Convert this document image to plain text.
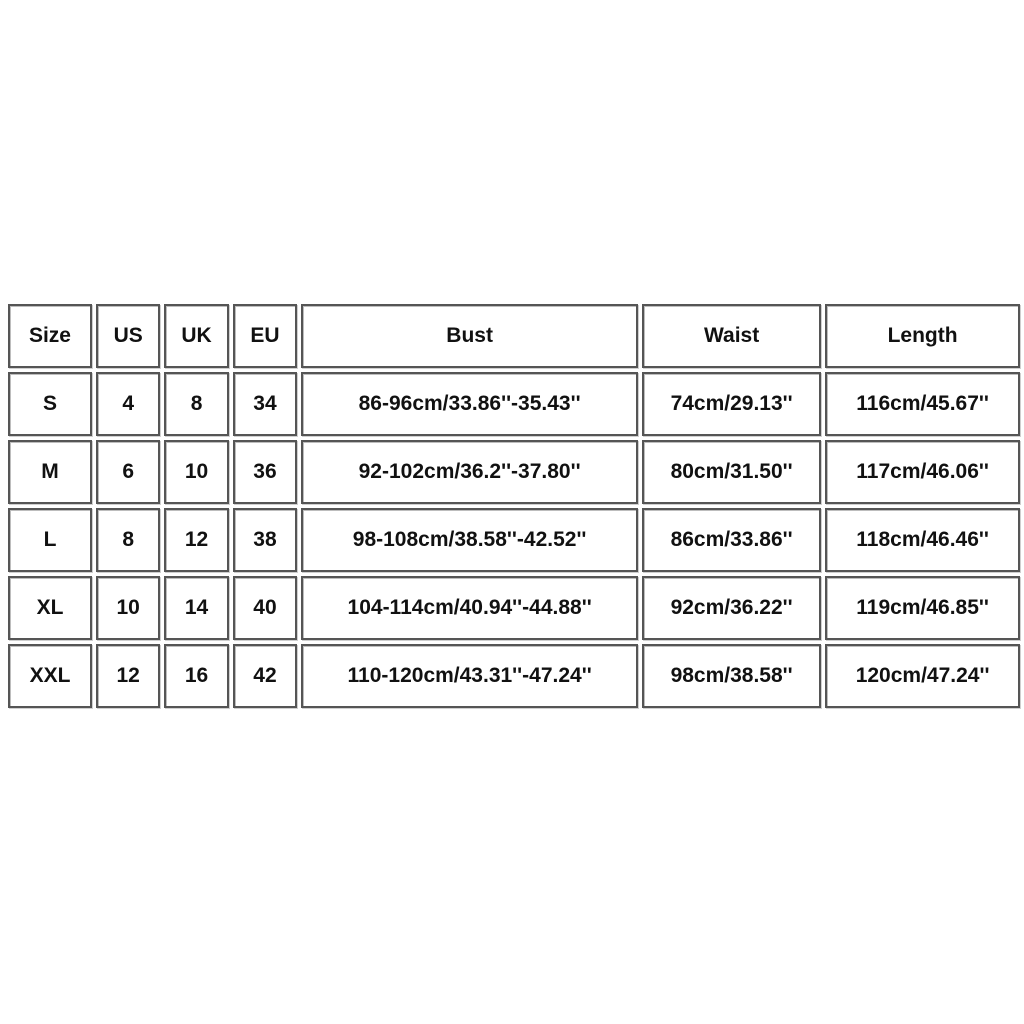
Size	US	UK	EU	Bust	Waist	Length
S	4	8	34	86-96cm/33.86''-35.43''	74cm/29.13''	116cm/45.67''
M	6	10	36	92-102cm/36.2''-37.80''	80cm/31.50''	117cm/46.06''
L	8	12	38	98-108cm/38.58''-42.52''	86cm/33.86''	118cm/46.46''
XL	10	14	40	104-114cm/40.94''-44.88''	92cm/36.22''	119cm/46.85''
XXL	12	16	42	110-120cm/43.31''-47.24''	98cm/38.58''	120cm/47.24''
